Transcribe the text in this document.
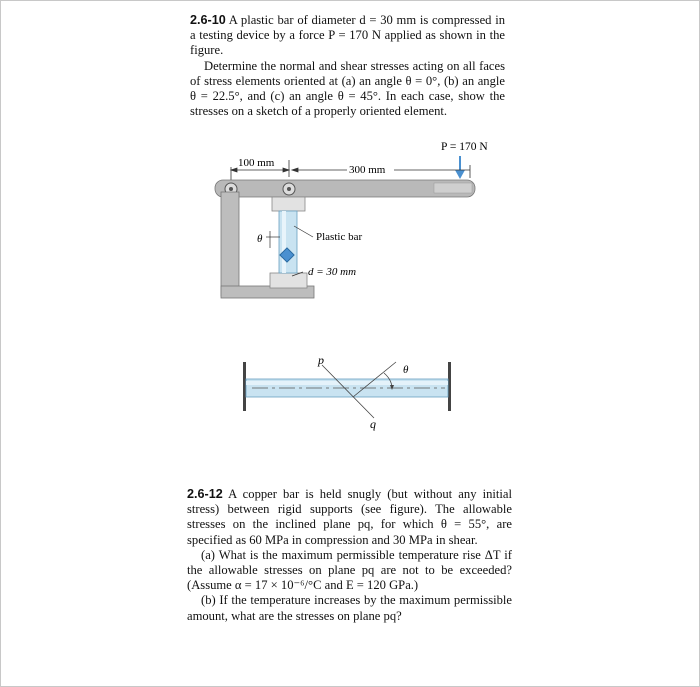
2.6-10 A plastic bar of diameter d = 30 mm is compressed in a testing device by a force P = 170 N applied as shown in the figure.

Determine the normal and shear stresses acting on all faces of stress elements oriented at (a) an angle θ = 0°, (b) an angle θ = 22.5°, and (c) an angle θ = 45°. In each case, show the stresses on a sketch of a properly oriented element.

P = 170 N
100 mm
300 mm
θ	Plastic bar
d = 30 mm
p
q
θ

2.6-12 A copper bar is held snugly (but without any initial stress) between rigid supports (see figure). The allowable stresses on the inclined plane pq, for which θ = 55°, are specified as 60 MPa in compression and 30 MPa in shear.

(a) What is the maximum permissible temperature rise ΔT if the allowable stresses on plane pq are not to be exceeded? (Assume α = 17 × 10⁻⁶/°C and E = 120 GPa.)

(b) If the temperature increases by the maximum permissible amount, what are the stresses on plane pq?
